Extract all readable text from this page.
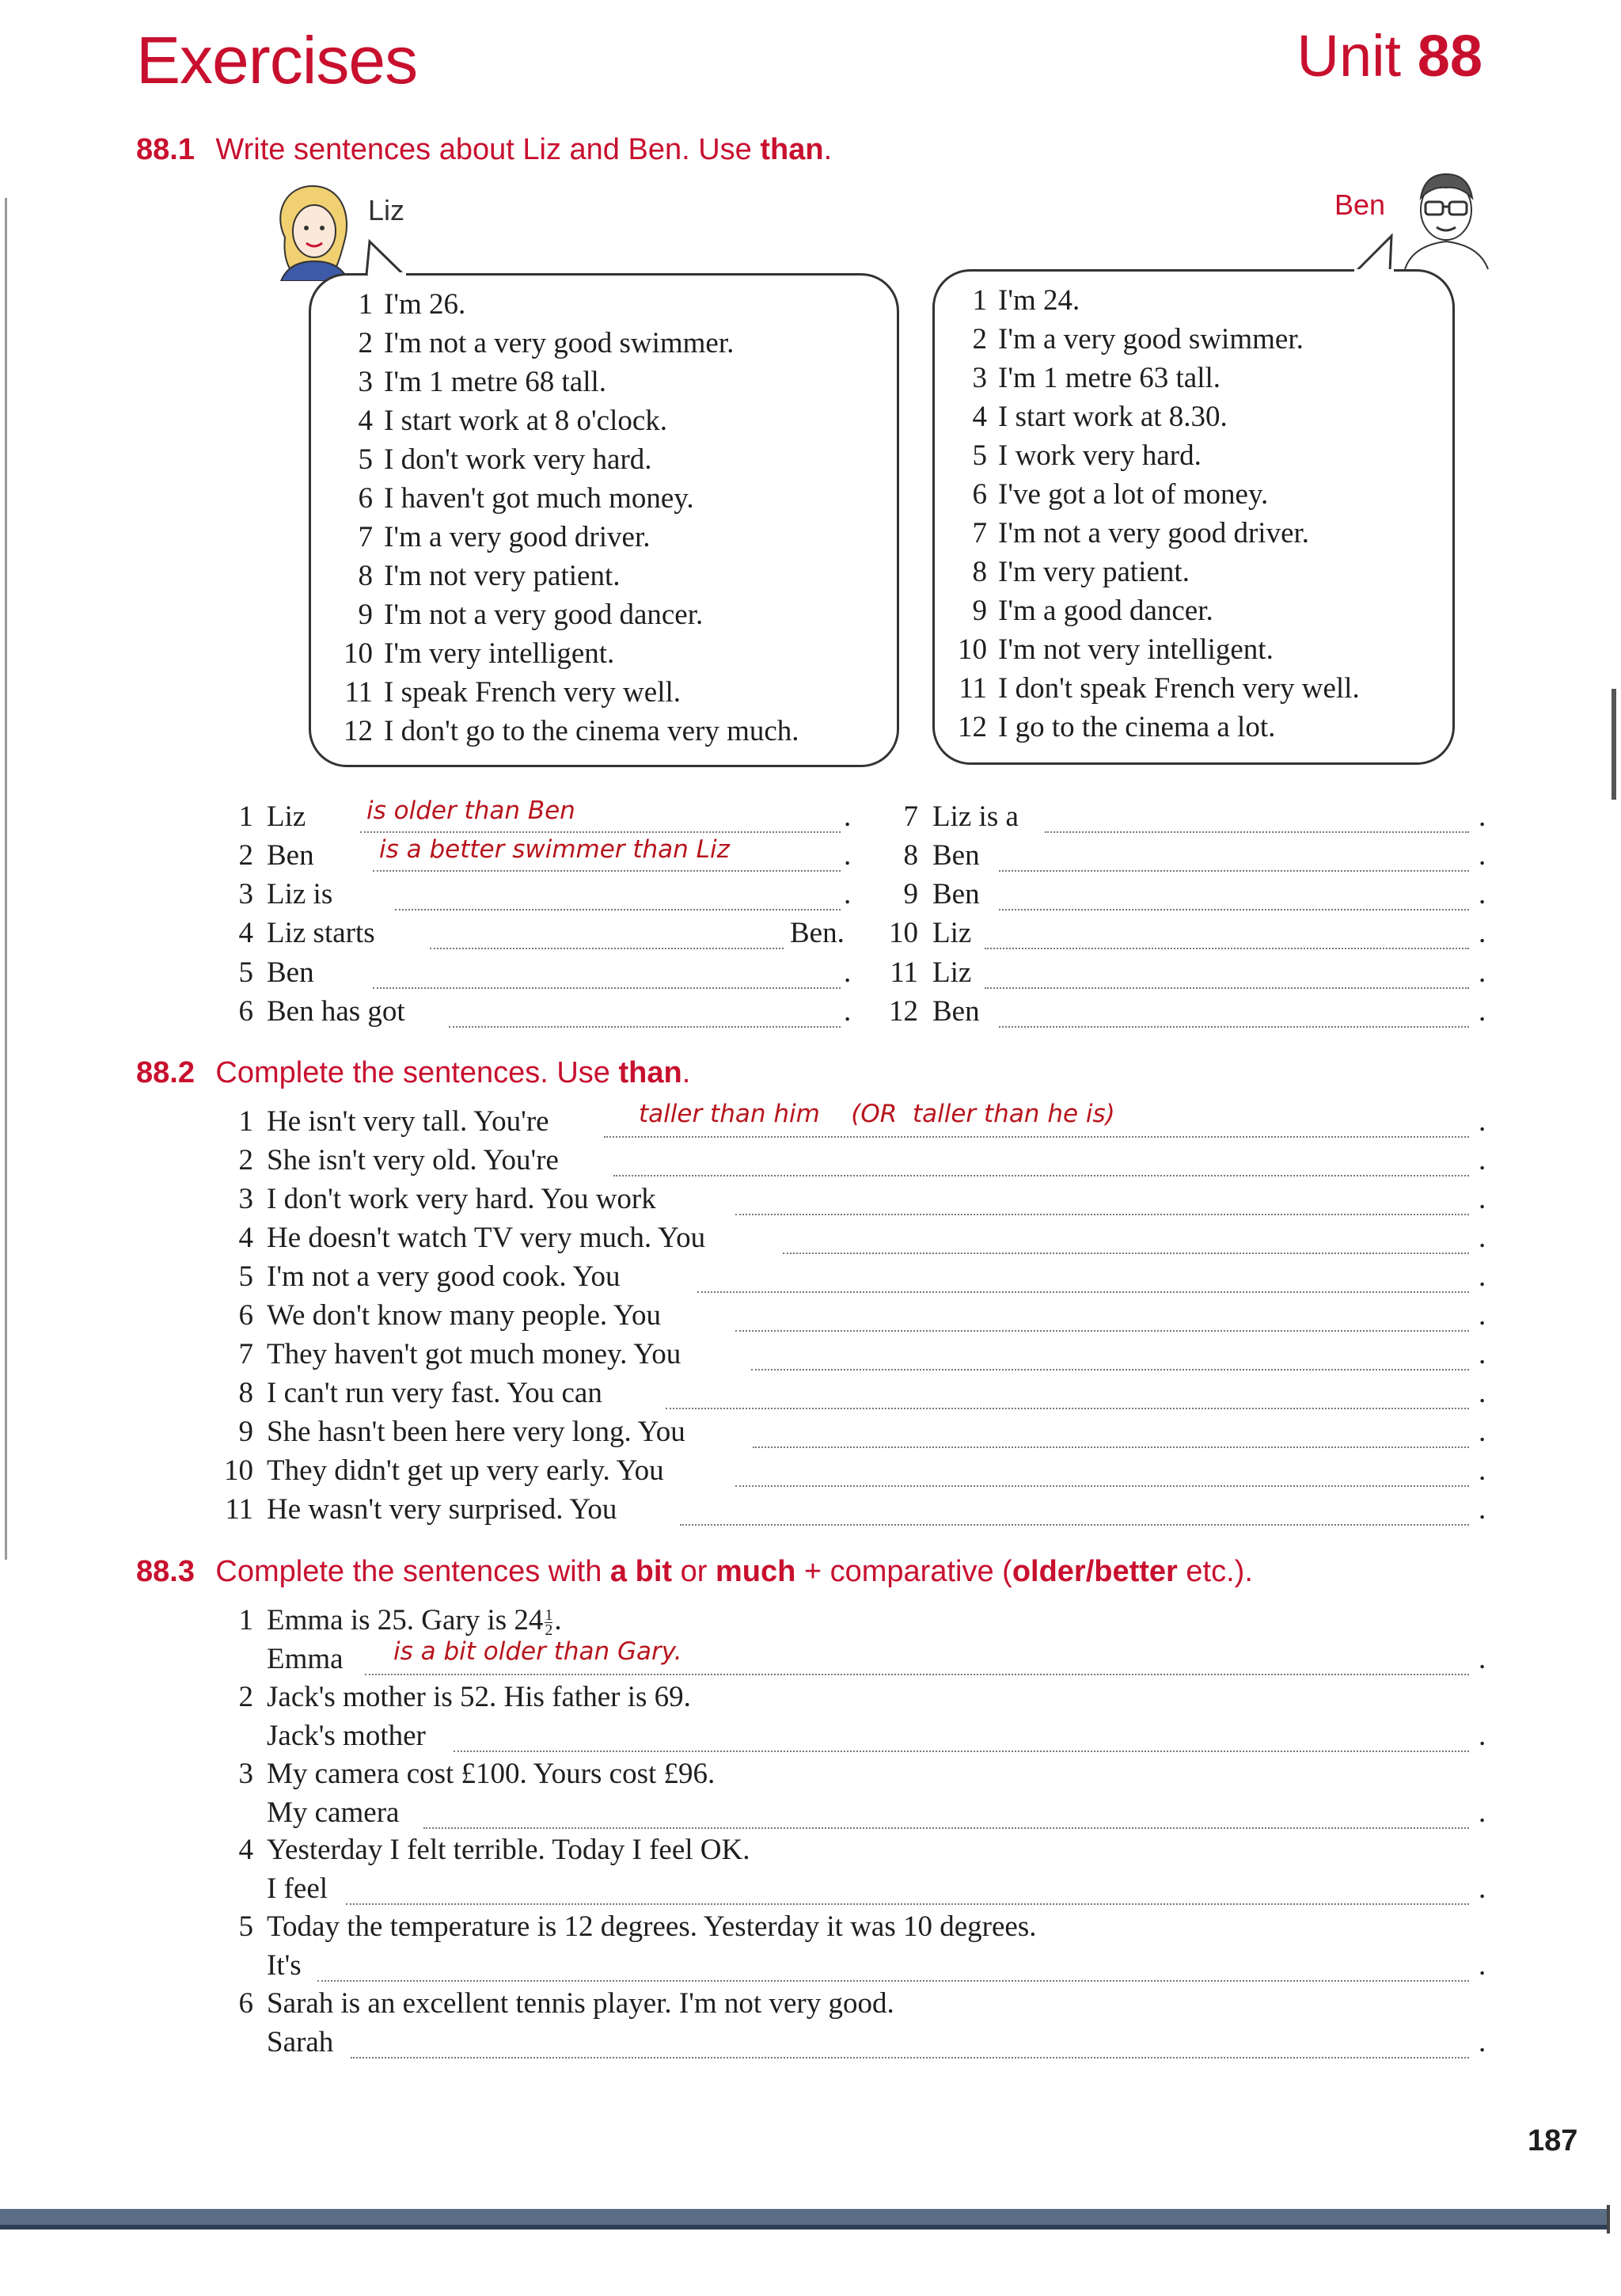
Exercises	Unit 88
88.1 Write sentences about Liz and Ben. Use than.
Liz	Ben
1 I'm 26.
2 I'm not a very good swimmer.
3 I'm 1 metre 68 tall.
4 I start work at 8 o'clock.
5 I don't work very hard.
6 I haven't got much money.
7 I'm a very good driver.
8 I'm not very patient.
9 I'm not a very good dancer.
10 I'm very intelligent.
11 I speak French very well.
12 I don't go to the cinema very much.
1 I'm 24.
2 I'm a very good swimmer.
3 I'm 1 metre 63 tall.
4 I start work at 8.30.
5 I work very hard.
6 I've got a lot of money.
7 I'm not a very good driver.
8 I'm very patient.
9 I'm a good dancer.
10 I'm not very intelligent.
11 I don't speak French very well.
12 I go to the cinema a lot.
1 Liz is older than Ben	.
2 Ben	is a better swimmer than Liz	.
3 Liz is	.
4 Liz starts	Ben.
5 Ben	.
6 Ben has got	.
7 Liz is a	.
8 Ben	.
9 Ben	.
10 Liz	.
11 Liz	.
12 Ben	.
88.2 Complete the sentences. Use than.
1 He isn't very tall. You're	taller than him    (OR  taller than he is)	.
2 She isn't very old. You're	.
3 I don't work very hard. You work	.
4 He doesn't watch TV very much. You	.
5 I'm not a very good cook. You	.
6 We don't know many people. You	.
7 They haven't got much money. You	.
8 I can't run very fast. You can	.
9 She hasn't been here very long. You	.
10 They didn't get up very early. You	.
11 He wasn't very surprised. You	.
88.3 Complete the sentences with a bit or much + comparative (older/better etc.).
1 Emma is 25. Gary is $24 \frac{1}{2}$ .
Emma is a bit older than Gary.	.
2 Jack's mother is 52. His father is 69.
Jack's mother	.
3 My camera cost £100. Yours cost £96.
My camera	.
4 Yesterday I felt terrible. Today I feel OK.
I feel	.
5 Today the temperature is 12 degrees. Yesterday it was 10 degrees.
It's	.
6 Sarah is an excellent tennis player. I'm not very good.
Sarah	.
187
